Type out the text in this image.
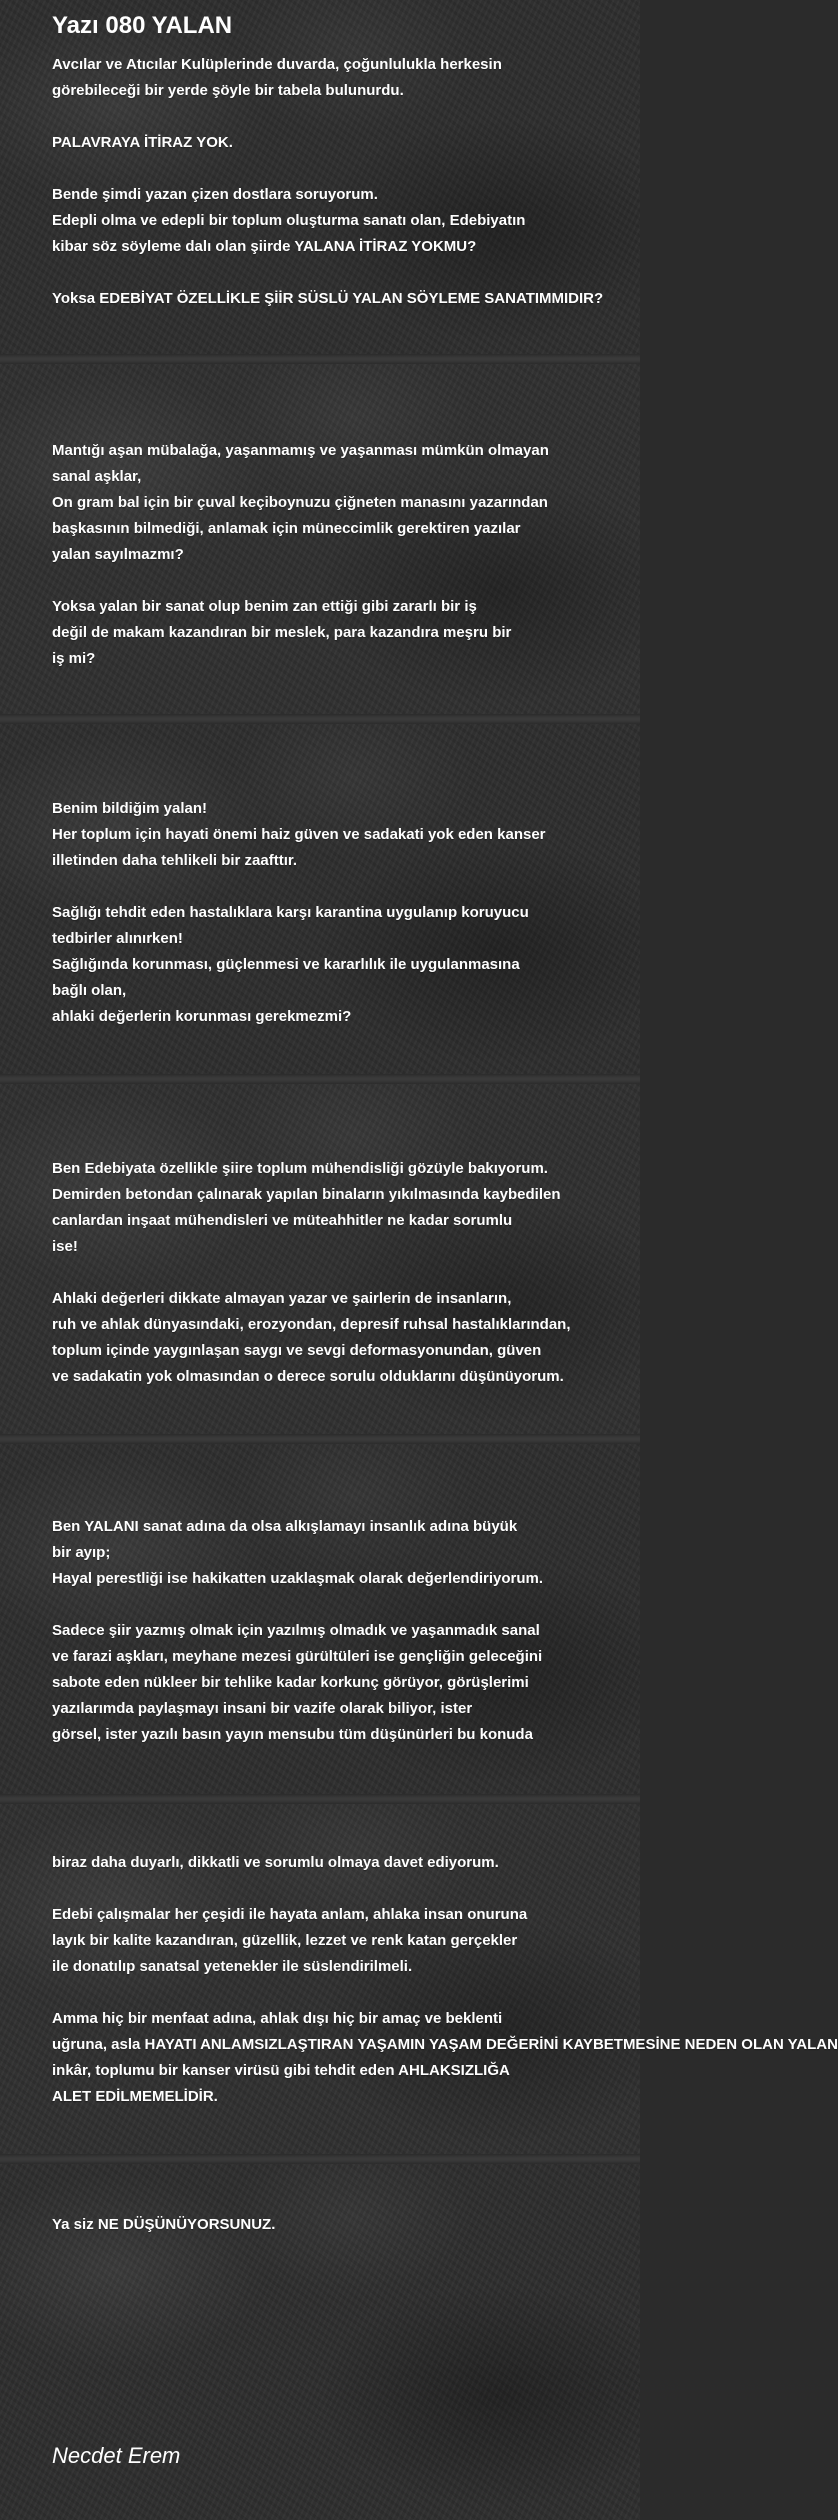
Yazı 080 YALAN
Avcılar ve Atıcılar Kulüplerinde duvarda, çoğunlulukla herkesin
görebileceği bir yerde şöyle bir tabela bulunurdu.
PALAVRAYA İTİRAZ YOK.
Bende şimdi yazan çizen dostlara soruyorum.
Edepli olma ve edepli bir toplum oluşturma sanatı olan, Edebiyatın
kibar söz söyleme dalı olan şiirde YALANA İTİRAZ YOKMU?
Yoksa EDEBİYAT ÖZELLİKLE ŞİİR SÜSLÜ YALAN SÖYLEME SANATIMMIDIR?
Mantığı aşan mübalağa, yaşanmamış ve yaşanması mümkün olmayan
sanal aşklar,
On gram bal için bir çuval keçiboynuzu çiğneten manasını yazarından
başkasının bilmediği, anlamak için müneccimlik gerektiren yazılar
yalan sayılmazmı?
Yoksa yalan bir sanat olup benim zan ettiği gibi zararlı bir iş
değil de makam kazandıran bir meslek, para kazandıra meşru bir
iş mi?
Benim bildiğim yalan!
Her toplum için hayati önemi haiz güven ve sadakati yok eden kanser
illetinden daha tehlikeli bir zaafttır.
Sağlığı tehdit eden hastalıklara karşı karantina uygulanıp koruyucu
tedbirler alınırken!
Sağlığında korunması, güçlenmesi ve kararlılık ile uygulanmasına
bağlı olan,
ahlaki değerlerin korunması gerekmezmi?
Ben Edebiyata özellikle şiire toplum mühendisliği gözüyle bakıyorum.
Demirden betondan çalınarak yapılan binaların yıkılmasında kaybedilen
canlardan inşaat mühendisleri ve müteahhitler ne kadar sorumlu
ise!
Ahlaki değerleri dikkate almayan yazar ve şairlerin de insanların,
ruh ve ahlak dünyasındaki, erozyondan, depresif ruhsal hastalıklarından,
toplum içinde yaygınlaşan saygı ve sevgi deformasyonundan, güven
ve sadakatin yok olmasından o derece sorulu olduklarını düşünüyorum.
Ben YALANI sanat adına da olsa alkışlamayı insanlık adına büyük
bir ayıp;
Hayal perestliği ise hakikatten uzaklaşmak olarak değerlendiriyorum.
Sadece şiir yazmış olmak için yazılmış olmadık ve yaşanmadık sanal
ve farazi aşkları, meyhane mezesi gürültüleri ise gençliğin geleceğini
sabote eden nükleer bir tehlike kadar korkunç görüyor, görüşlerimi
yazılarımda paylaşmayı insani bir vazife olarak biliyor, ister
görsel, ister yazılı basın yayın mensubu tüm düşünürleri bu konuda
biraz daha duyarlı, dikkatli ve sorumlu olmaya davet ediyorum.
Edebi çalışmalar her çeşidi ile hayata anlam, ahlaka insan onuruna
layık bir kalite kazandıran, güzellik, lezzet ve renk katan gerçekler
ile donatılıp sanatsal yetenekler ile süslendirilmeli.
Amma hiç bir menfaat adına, ahlak dışı hiç bir amaç ve beklenti
uğruna, asla HAYATI ANLAMSIZLAŞTIRAN YAŞAMIN YAŞAM DEĞERİNİ KAYBETMESİNE NEDEN OLAN YALAN
inkâr, toplumu bir kanser virüsü gibi tehdit eden AHLAKSIZLIĞA
ALET EDİLMEMELİDİR.
Ya siz NE DÜŞÜNÜYORSUNUZ.
Necdet Erem
